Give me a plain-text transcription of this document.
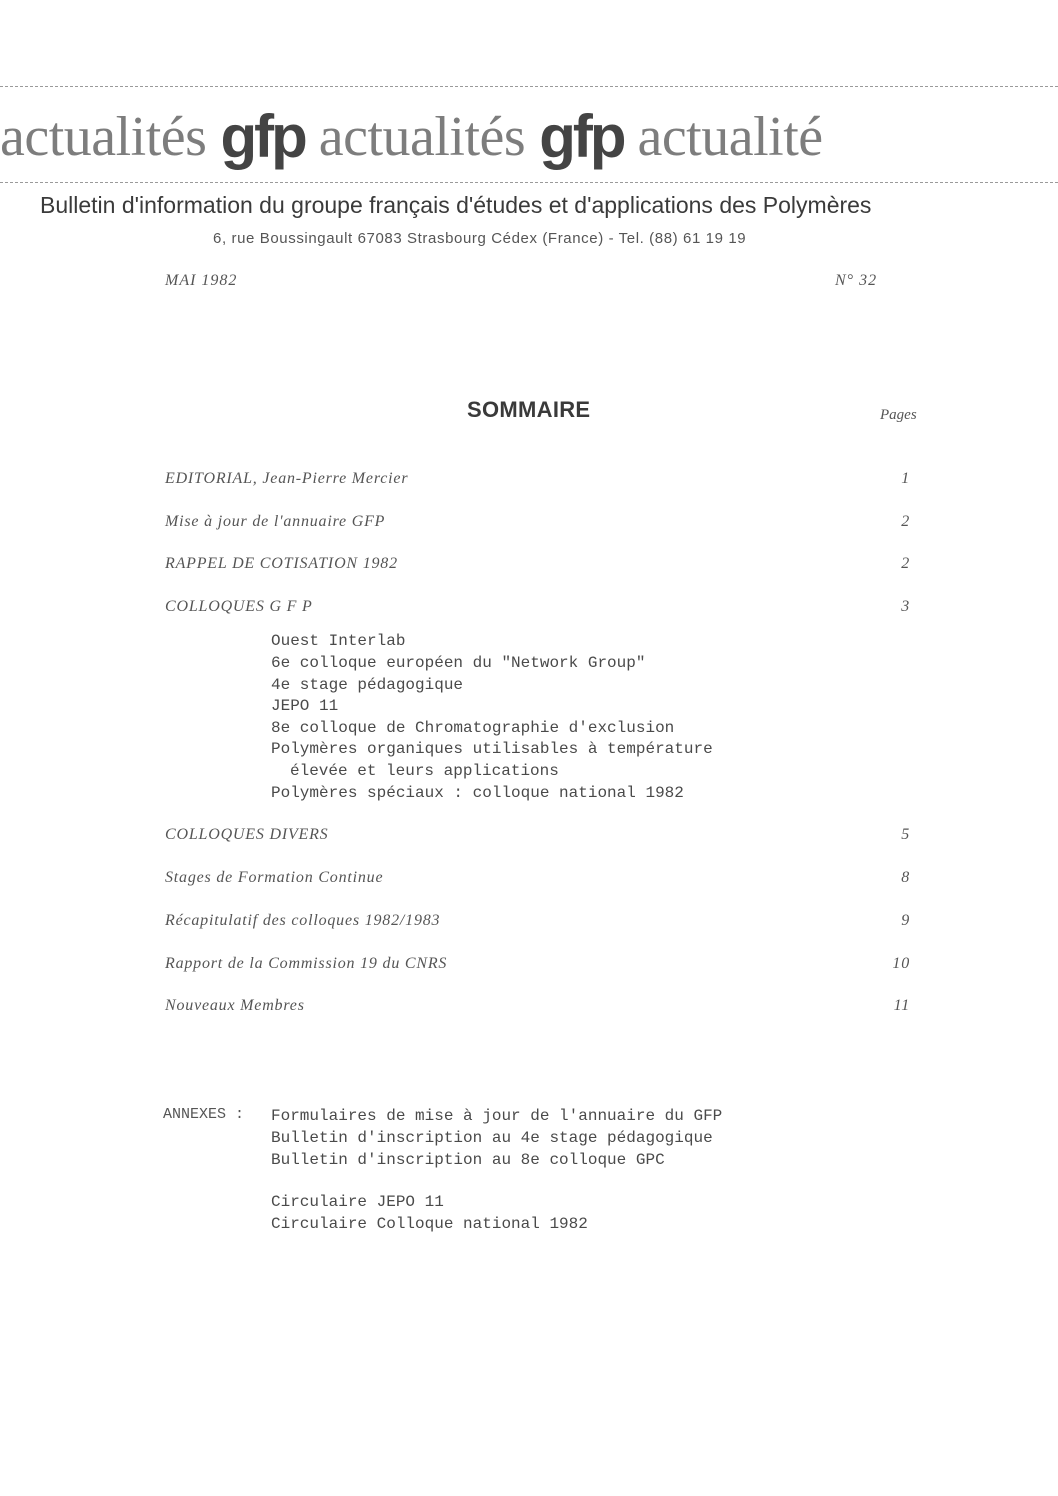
actualités gfp actualités gfp actualité
Bulletin d'information du groupe français d'études et d'applications des Polymères
6, rue Boussingault 67083 Strasbourg Cédex (France) - Tel. (88) 61 19 19
MAI 1982	N° 32
SOMMAIRE	Pages
EDITORIAL, Jean-Pierre Mercier	1
Mise à jour de l'annuaire GFP	2
RAPPEL DE COTISATION 1982	2
COLLOQUES G F P	3
Ouest Interlab
6e colloque européen du "Network Group"
4e stage pédagogique
JEPO 11
8e colloque de Chromatographie d'exclusion
Polymères organiques utilisables à température
élevée et leurs applications
Polymères spéciaux : colloque national 1982
COLLOQUES DIVERS	5
Stages de Formation Continue	8
Récapitulatif des colloques 1982/1983	9
Rapport de la Commission 19 du CNRS	10
Nouveaux Membres	11
ANNEXES : Formulaires de mise à jour de l'annuaire du GFP
Bulletin d'inscription au 4e stage pédagogique
Bulletin d'inscription au 8e colloque GPC
Circulaire JEPO 11
Circulaire Colloque national 1982
